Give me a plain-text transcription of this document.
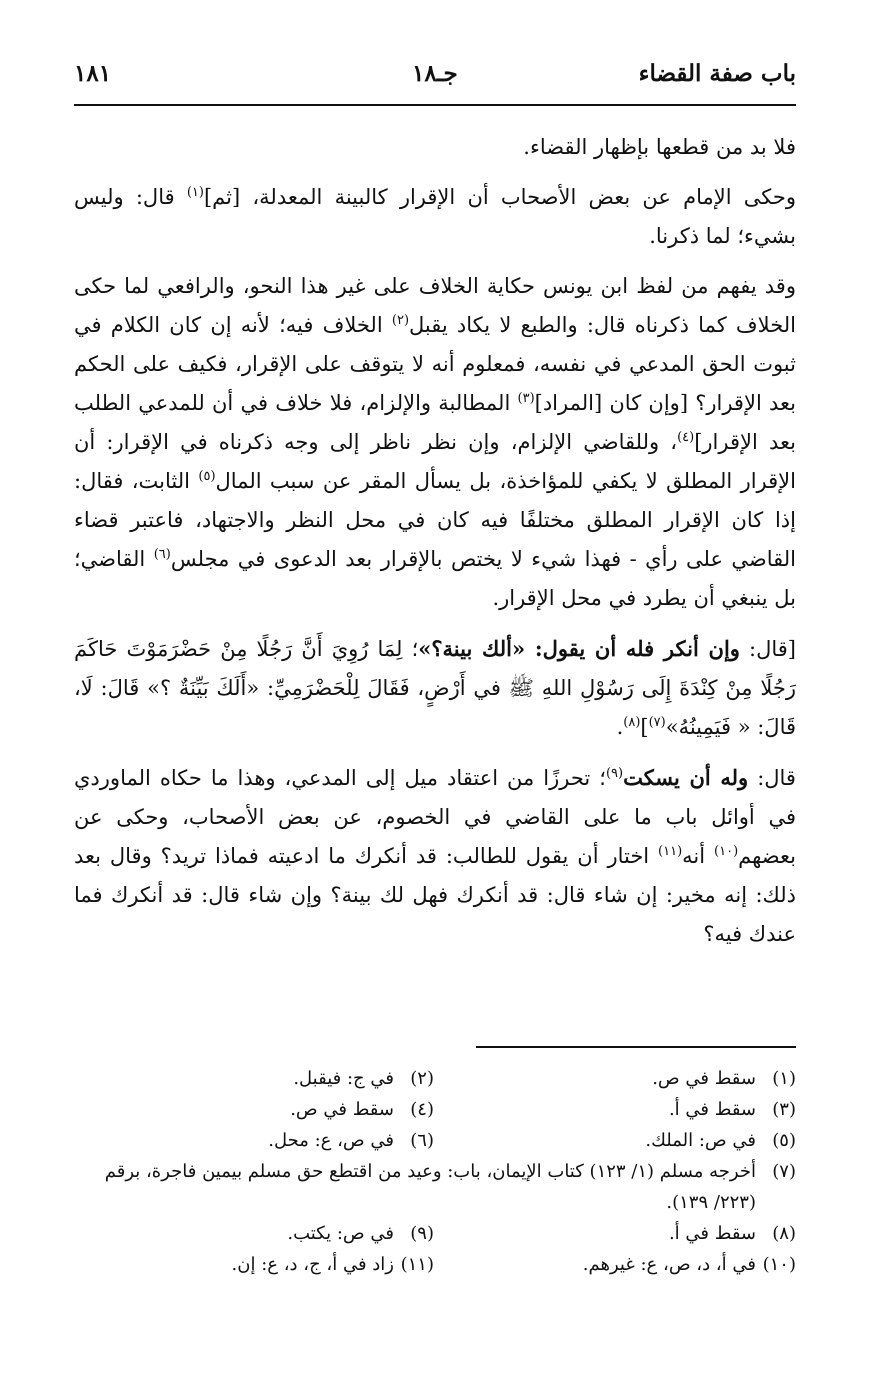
باب صفة القضاء
جـ١٨
١٨١

فلا بد من قطعها بإظهار القضاء.

وحكى الإمام عن بعض الأصحاب أن الإقرار كالبينة المعدلة، [ثم]$^{(١)}$ قال: وليس بشيء؛ لما ذكرنا.

وقد يفهم من لفظ ابن يونس حكاية الخلاف على غير هذا النحو، والرافعي لما حكى الخلاف كما ذكرناه قال: والطبع لا يكاد يقبل$^{(٢)}$ الخلاف فيه؛ لأنه إن كان الكلام في ثبوت الحق المدعي في نفسه، فمعلوم أنه لا يتوقف على الإقرار، فكيف على الحكم بعد الإقرار؟ [وإن كان [المراد]$^{(٣)}$ المطالبة والإلزام، فلا خلاف في أن للمدعي الطلب بعد الإقرار]$^{(٤)}$، وللقاضي الإلزام، وإن نظر ناظر إلى وجه ذكرناه في الإقرار: أن الإقرار المطلق لا يكفي للمؤاخذة، بل يسأل المقر عن سبب المال$^{(٥)}$ الثابت، فقال: إذا كان الإقرار المطلق مختلفًا فيه كان في محل النظر والاجتهاد، فاعتبر قضاء القاضي على رأي - فهذا شيء لا يختص بالإقرار بعد الدعوى في مجلس$^{(٦)}$ القاضي؛ بل ينبغي أن يطرد في محل الإقرار.

[قال: وإن أنكر فله أن يقول: «ألك بينة؟»؛ لِمَا رُوِيَ أَنَّ رَجُلًا مِنْ حَضْرَمَوْتَ حَاكَمَ رَجُلًا مِنْ كِنْدَةَ إِلَى رَسُوْلِ اللهِ ﷺ في أَرْضٍ، فَقَالَ لِلْحَضْرَمِيِّ: «أَلَكَ بَيِّنَةٌ ؟» قَالَ: لَا، قَالَ: « فَيَمِينُهُ»$^{(٧)}$]$^{(٨)}$.

قال: وله أن يسكت$^{(٩)}$؛ تحرزًا من اعتقاد ميل إلى المدعي، وهذا ما حكاه الماوردي في أوائل باب ما على القاضي في الخصوم، عن بعض الأصحاب، وحكى عن بعضهم$^{(١٠)}$ أنه$^{(١١)}$ اختار أن يقول للطالب: قد أنكرك ما ادعيته فماذا تريد؟ وقال بعد ذلك: إنه مخير: إن شاء قال: قد أنكرك فهل لك بينة؟ وإن شاء قال: قد أنكرك فما عندك فيه؟

(١)سقط في ص.
(٢)في ج: فيقبل.
(٣)سقط في أ.
(٤)سقط في ص.
(٥)في ص: الملك.
(٦)في ص، ع: محل.
(٧)أخرجه مسلم (١/ ١٢٣) كتاب الإيمان، باب: وعيد من اقتطع حق مسلم بيمين فاجرة، برقم
(٢٢٣/ ١٣٩).
(٨)سقط في أ.
(٩)في ص: يكتب.
(١٠)في أ، د، ص، ع: غيرهم.
(١١)زاد في أ، ج، د، ع: إن.
